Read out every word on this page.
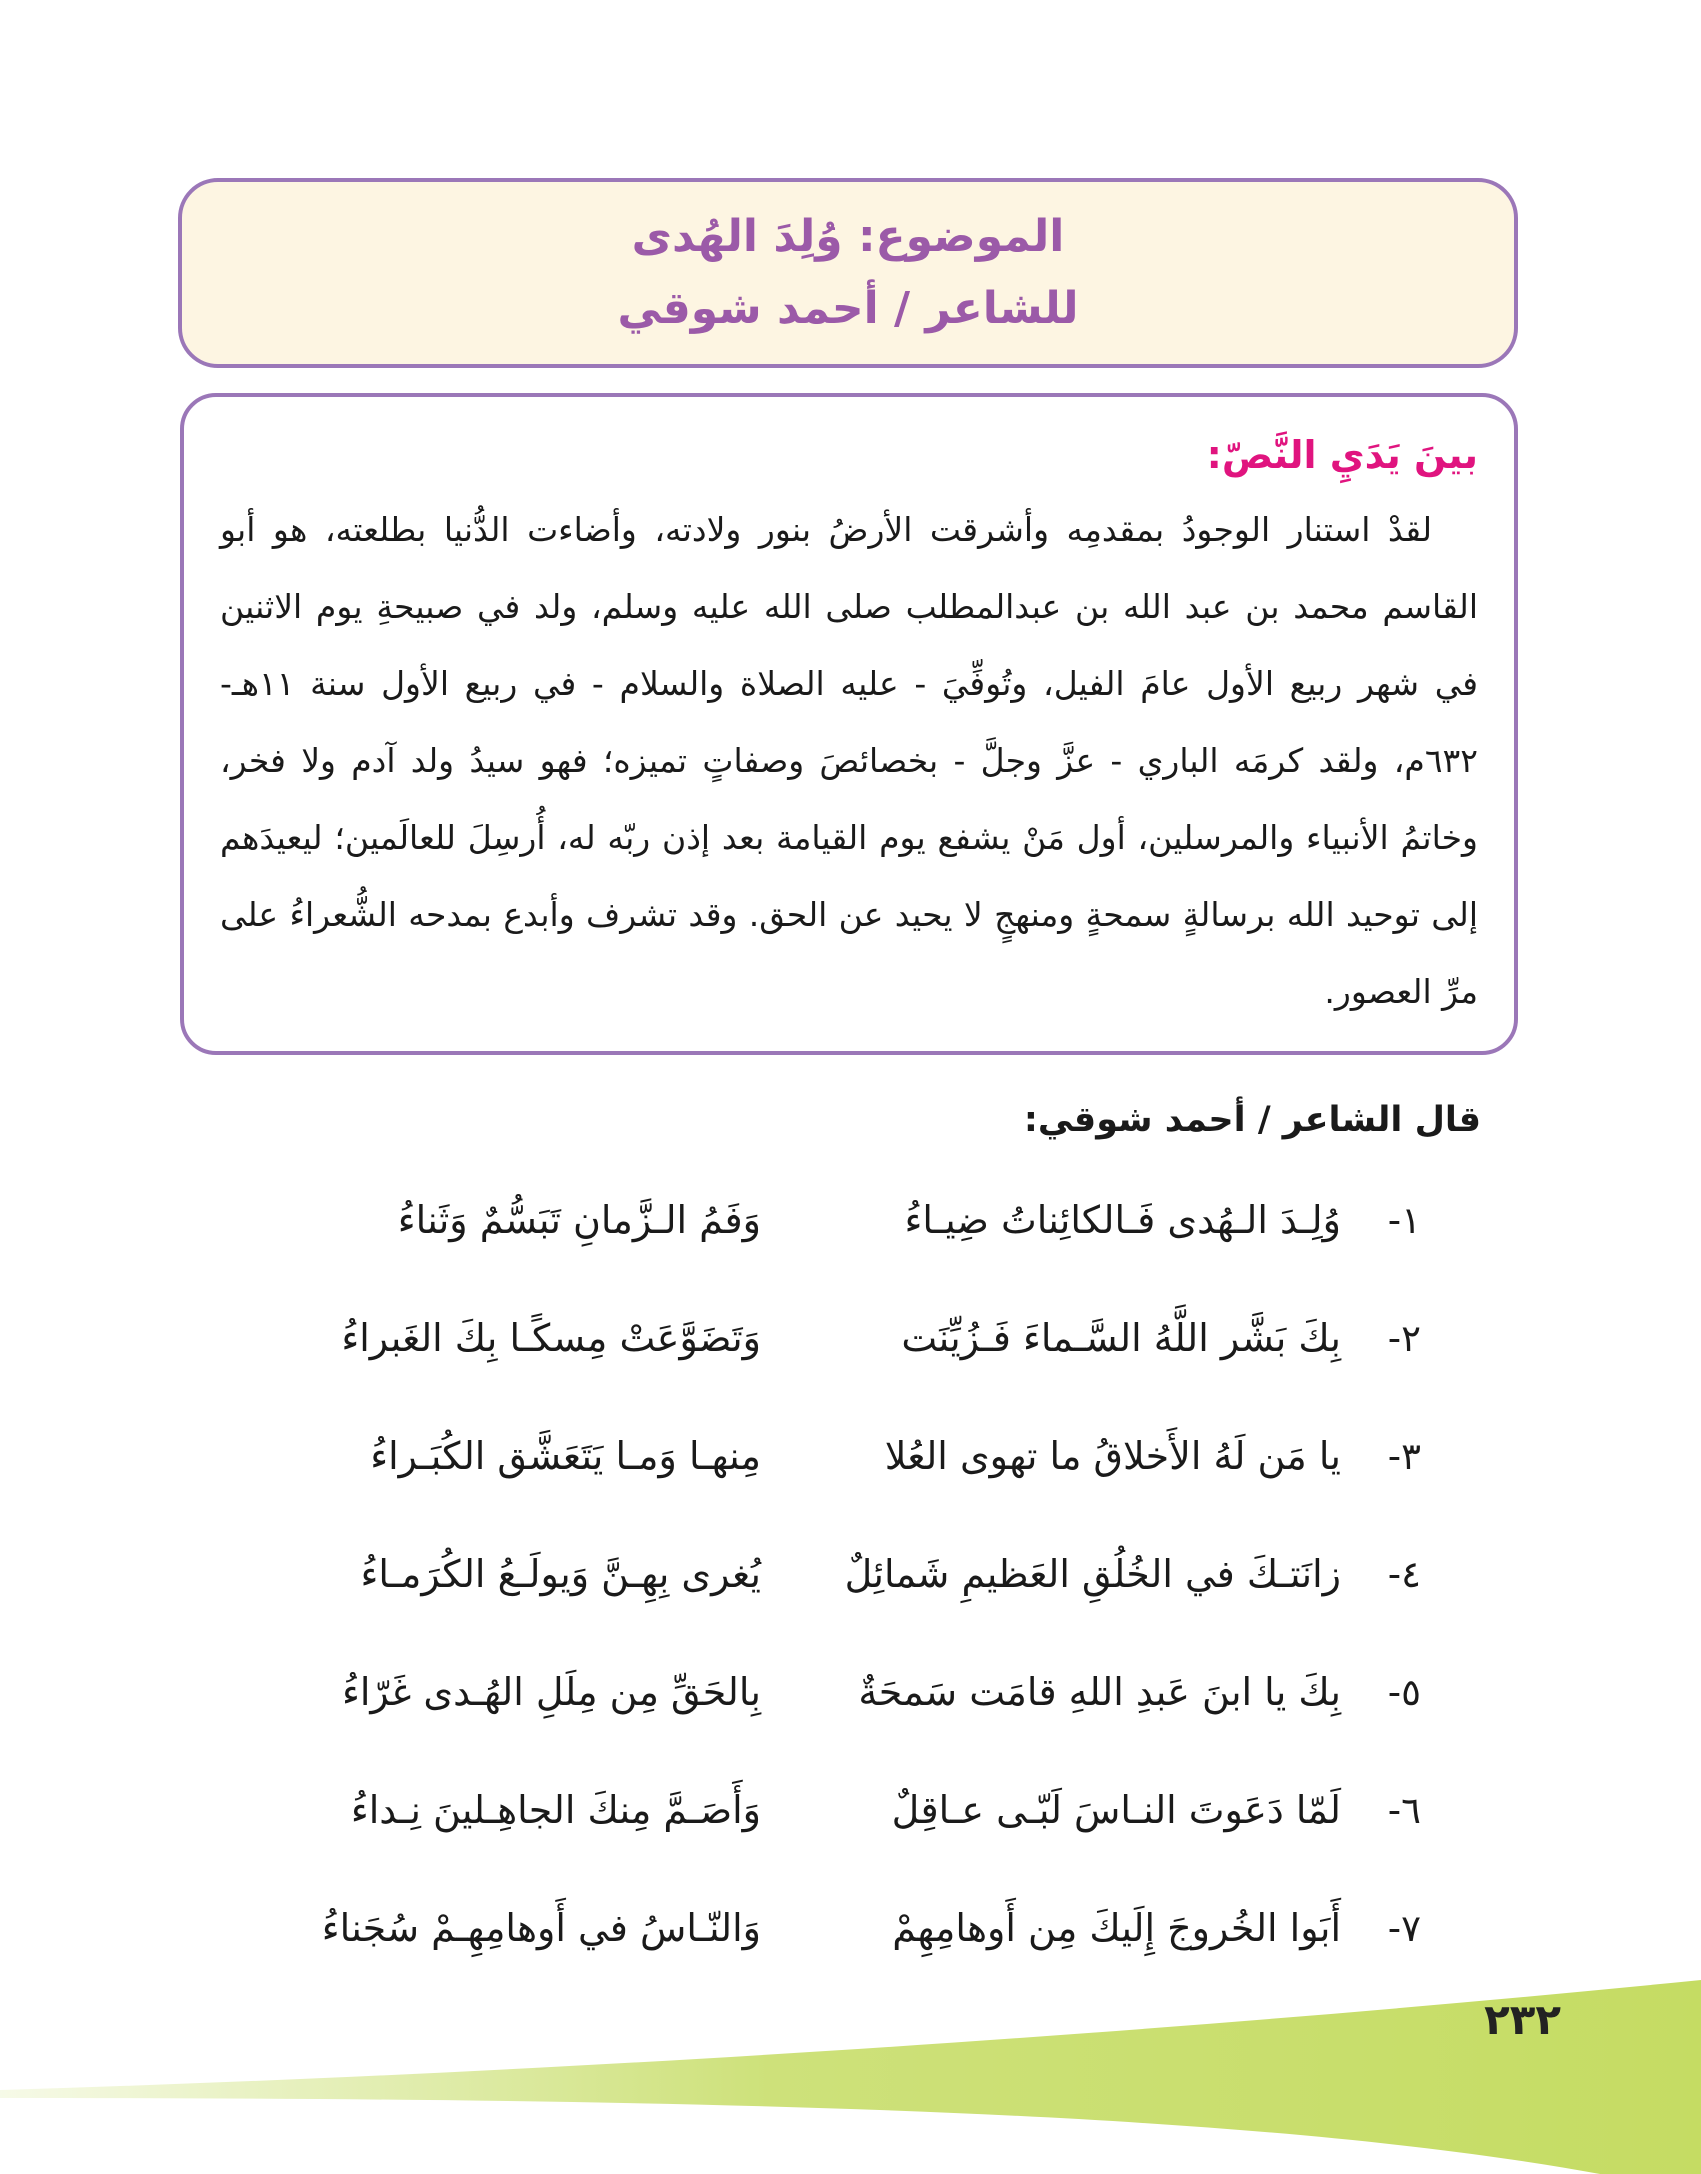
الموضوع: وُلِدَ الهُدى
للشاعر / أحمد شوقي
بينَ يَدَيِ النَّصّ:

لقدْ استنار الوجودُ بمقدمِه وأشرقت الأرضُ بنور ولادته، وأضاءت الدُّنيا بطلعته، هو أبو القاسم محمد بن عبد الله بن عبدالمطلب صلى الله عليه وسلم، ولد في صبيحةِ يوم الاثنين في شهر ربيع الأول عامَ الفيل، وتُوفِّيَ - عليه الصلاة والسلام - في ربيع الأول سنة ١١هـ- ٦٣٢م، ولقد كرمَه الباري - عزَّ وجلَّ - بخصائصَ وصفاتٍ تميزه؛ فهو سيدُ ولد آدم ولا فخر، وخاتمُ الأنبياء والمرسلين، أول مَنْ يشفع يوم القيامة بعد إذن ربّه له، أُرسِلَ للعالَمين؛ ليعيدَهم إلى توحيد الله برسالةٍ سمحةٍ ومنهجٍ لا يحيد عن الحق. وقد تشرف وأبدع بمدحه الشُّعراءُ على مرِّ العصور.

قال الشاعر / أحمد شوقي:
١-
وُلِـدَ الـهُدى فَـالكائِناتُ ضِيـاءُ
وَفَمُ الـزَّمانِ تَبَسُّمٌ وَثَناءُ
٢-
بِكَ بَشَّر اللَّهُ السَّـماءَ فَـزُيِّنَت
وَتَضَوَّعَتْ مِسكًـا بِكَ الغَبراءُ
٣-
يا مَن لَهُ الأَخلاقُ ما تهوى العُلا
مِنهـا وَمـا يَتَعَشَّق الكُبَـراءُ
٤-
زانَتـكَ في الخُلُقِ العَظيمِ شَمائِلٌ
يُغرى بِهِـنَّ وَيولَـعُ الكُرَمـاءُ
٥-
بِكَ يا ابنَ عَبدِ اللهِ قامَت سَمحَةٌ
بِالحَقِّ مِن مِلَلِ الهُـدى غَرّاءُ
٦-
لَمّا دَعَوتَ النـاسَ لَبّـى عـاقِلٌ
وَأَصَـمَّ مِنكَ الجاهِـلينَ نِـداءُ
٧-
أَبَوا الخُروجَ إِلَيكَ مِن أَوهامِهِمْ
وَالنّـاسُ في أَوهامِهِـمْ سُجَناءُ
٢٣٢
